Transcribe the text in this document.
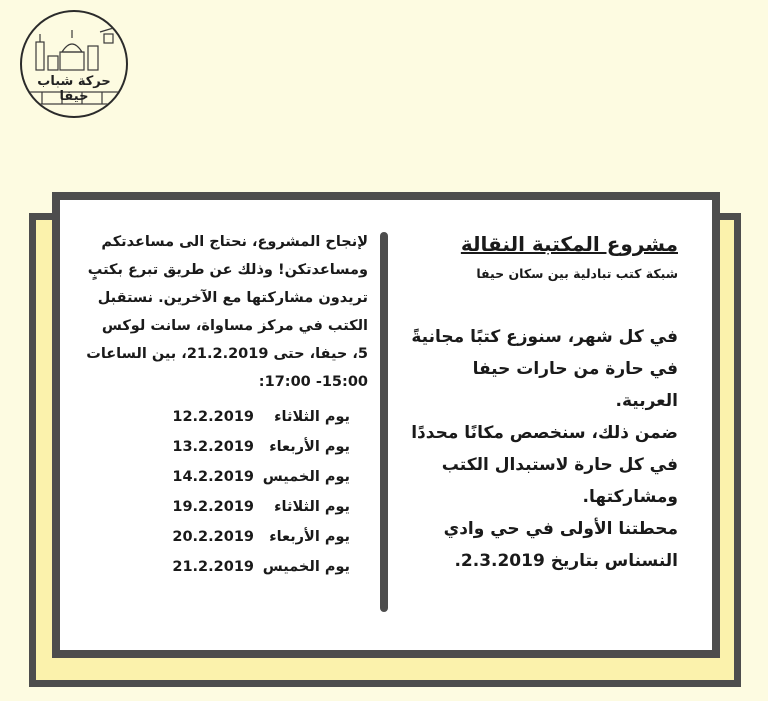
حركة شباب حيفا
مشروع المكتبة النقالة
شبكة كتب تبادلية بين سكان حيفا

في كل شهر، سنوزع كتبًا مجانيةً في حارة من حارات حيفا العربية.

ضمن ذلك، سنخصص مكانًا محددًا في كل حارة لاستبدال الكتب ومشاركتها.

محطتنا الأولى في حي وادي النسناس بتاريخ 2.3.2019.

لإنجاح المشروع، نحتاج الى مساعدتكم ومساعدتكن! وذلك عن طريق تبرع بكتبٍ تريدون مشاركتها مع الآخرين. نستقبل الكتب في مركز مساواة، سانت لوكس 5، حيفا، حتى 21.2.2019، بين الساعات 15:00- 17:00:

يوم الثلاثاء
12.2.2019
يوم الأربعاء
13.2.2019
يوم الخميس
14.2.2019
يوم الثلاثاء
19.2.2019
يوم الأربعاء
20.2.2019
يوم الخميس
21.2.2019
